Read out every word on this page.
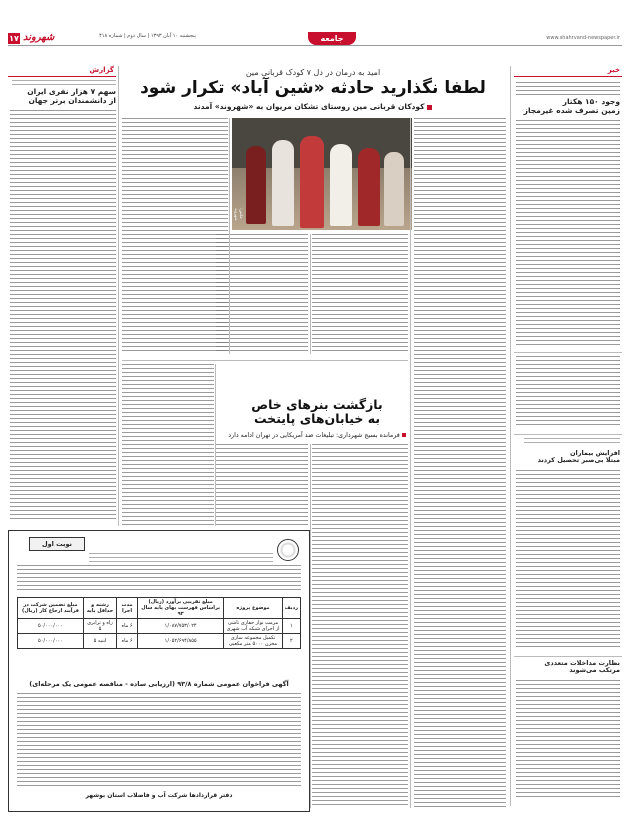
۱۷ شهروند	پنجشنبه ۱۰ آبان ۱۳۹۳ | سال دوم | شماره ۴۱۸	جامعه	www.shahrvand-newspaper.ir
خبر
وجود ۱۵۰ هکتار
زمین تصرف شده غیرمجاز
افزایش بیماران
مبتلا بی‌صبر تحصیل کردند
نظارت مداخلات متعددی
مرتکب می‌شوند
امید به درمان در دل ۷ کودک قربانی مین
لطفا نگذارید حادثه «شین آباد» تکرار شود
کودکان قربانی مین روستای تشکان مریوان به «شهروند» آمدند
گزارش
سهم ۷ هزار نفری ایران
از دانشمندان برتر جهان
عکس: شهروند
بازگشت بنرهای خاص
به خیابان‌های پایتخت
فرمانده بسیج شهرداری: تبلیغات ضد آمریکایی در تهران ادامه دارد
نوبت اول
ردیف	موضوع پروژه	مبلغ تقریبی برآورد (ریال) براساس فهرست بهای پایه سال ۹۳	مدت اجرا	رشته و حداقل پایه	مبلغ تضمین شرکت در فرآیند ارجاع کار (ریال)
۱	مرمت نوار حفاری ناشی از اجرای شبکه آب شهری	۱/۰۸۷/۷۵۳/۰۲۴	۶ ماه	راه و ترابری ۵	۵۰/۰۰۰/۰۰۰
۲	تکمیل مجموعه سازی مخزن ۵۰۰۰ متر مکعبی	۱/۰۵۲/۶۹۴/۸۵۵	۶ ماه	ابنیه ۵	۵۰/۰۰۰/۰۰۰
آگهی فراخوان عمومی شماره ۹۳/۸ (ارزیابی ساده - مناقصه عمومی یک مرحله‌ای)
دفتر قراردادها شرکت آب و فاضلاب استان بوشهر
